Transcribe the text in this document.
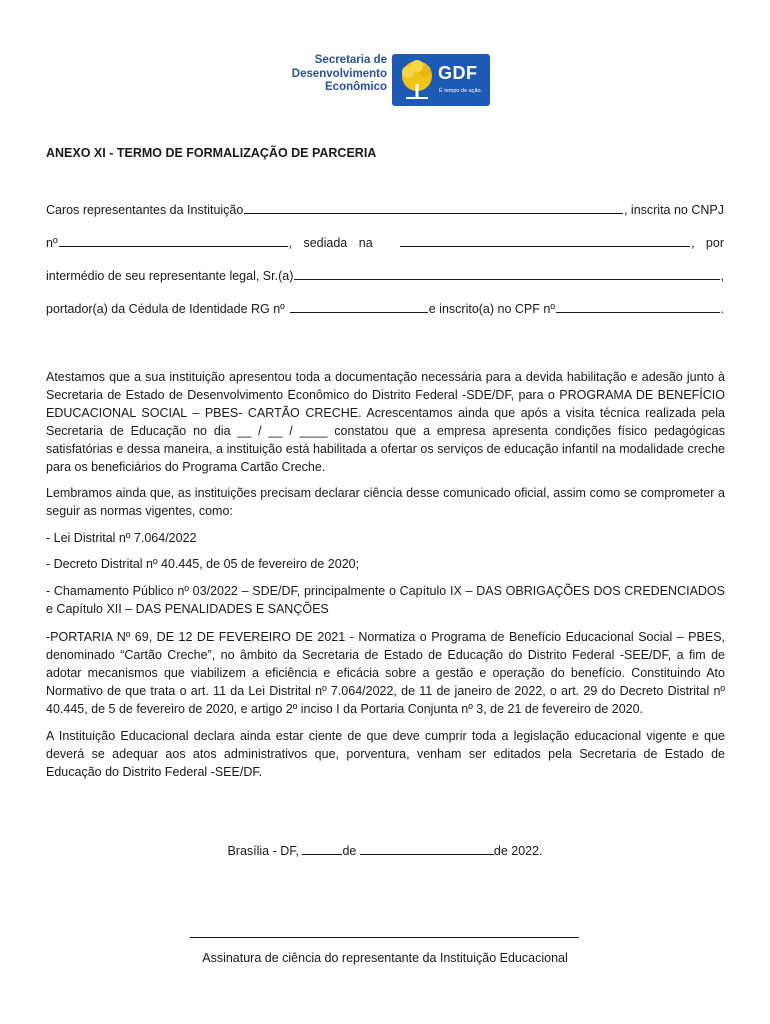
Secretaria de
Desenvolvimento
Econômico
GDF
É tempo de ação.
ANEXO XI - TERMO DE FORMALIZAÇÃO DE PARCERIA
Caros representantes da Instituição	, inscrita no CNPJ
nº	, sediada na	, por
intermédio de seu representante legal, Sr.(a)	,
portador(a) da Cédula de Identidade RG nº	e inscrito(a) no CPF nº	.

Atestamos que a sua instituição apresentou toda a documentação necessária para a devida habilitação e adesão junto à Secretaria de Estado de Desenvolvimento Econômico do Distrito Federal -SDE/DF, para o PROGRAMA DE BENEFÍCIO EDUCACIONAL SOCIAL – PBES- CARTÃO CRECHE. Acrescentamos ainda que após a visita técnica realizada pela Secretaria de Educação no dia __ / __ / ____ constatou que a empresa apresenta condições físico pedagógicas satisfatórias e dessa maneira, a instituição está habilitada a ofertar os serviços de educação infantil na modalidade creche para os beneficiários do Programa Cartão Creche.

Lembramos ainda que, as instituições precisam declarar ciência desse comunicado oficial, assim como se comprometer a seguir as normas vigentes, como:

- Lei Distrital nº 7.064/2022

- Decreto Distrital nº 40.445, de 05 de fevereiro de 2020;

- Chamamento Público nº 03/2022 – SDE/DF, principalmente o Capítulo IX – DAS OBRIGAÇÕES DOS CREDENCIADOS e Capítulo XII – DAS PENALIDADES E SANÇÕES

-PORTARIA Nº 69, DE 12 DE FEVEREIRO DE 2021 - Normatiza o Programa de Benefício Educacional Social – PBES, denominado “Cartão Creche”, no âmbito da Secretaria de Estado de Educação do Distrito Federal -SEE/DF, a fim de adotar mecanismos que viabilizem a eficiência e eficácia sobre a gestão e operação do benefício. Constituindo Ato Normativo de que trata o art. 11 da Lei Distrital nº 7.064/2022, de 11 de janeiro de 2022, o art. 29 do Decreto Distrital nº 40.445, de 5 de fevereiro de 2020, e artigo 2º inciso I da Portaria Conjunta nº 3, de 21 de fevereiro de 2020.

A Instituição Educacional declara ainda estar ciente de que deve cumprir toda a legislação educacional vigente e que deverá se adequar aos atos administrativos que, porventura, venham ser editados pela Secretaria de Estado de Educação do Distrito Federal -SEE/DF.

Brasília - DF,	de	de 2022.
Assinatura de ciência do representante da Instituição Educacional
